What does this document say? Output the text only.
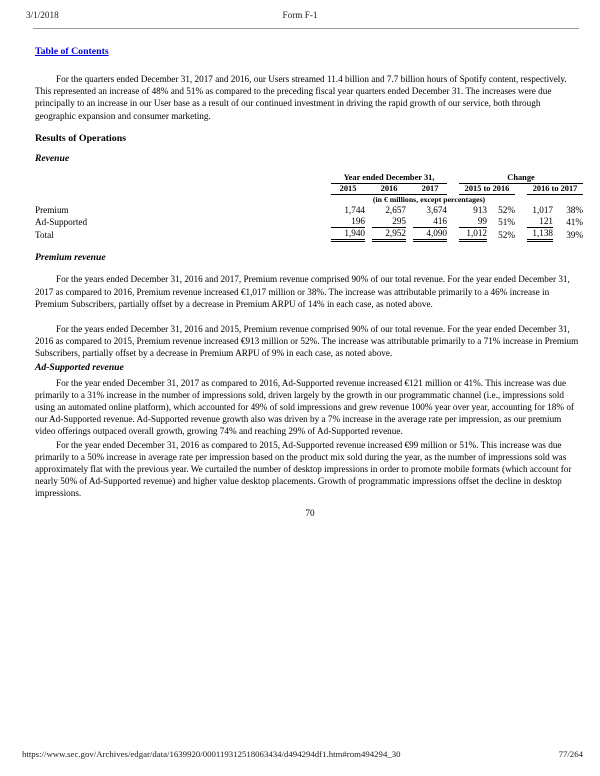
3/1/2018	Form F-1
Table of Contents

For the quarters ended December 31, 2017 and 2016, our Users streamed 11.4 billion and 7.7 billion hours of Spotify content, respectively. This represented an increase of 48% and 51% as compared to the preceding fiscal year quarters ended December 31. The increases were due principally to an increase in our User base as a result of our continued investment in driving the rapid growth of our service, both through geographic expansion and consumer marketing.

Results of Operations
Revenue
	Year ended December 31,						Change						
	2015		2016		2017		2015 to 2016				2016 to 2017		
	(in € millions, except percentages)												
Premium	1,744		2,657		3,674		913		52%		1,017		38%
Ad-Supported	196		295		416		99		51%		121		41%
Total	1,940		2,952		4,090		1,012		52%		1,138		39%
Premium revenue

For the years ended December 31, 2016 and 2017, Premium revenue comprised 90% of our total revenue. For the year ended December 31, 2017 as compared to 2016, Premium revenue increased €1,017 million or 38%. The increase was attributable primarily to a 46% increase in Premium Subscribers, partially offset by a decrease in Premium ARPU of 14% in each case, as noted above.

For the years ended December 31, 2016 and 2015, Premium revenue comprised 90% of our total revenue. For the year ended December 31, 2016 as compared to 2015, Premium revenue increased €913 million or 52%. The increase was attributable primarily to a 71% increase in Premium Subscribers, partially offset by a decrease in Premium ARPU of 9% in each case, as noted above.

Ad-Supported revenue

For the year ended December 31, 2017 as compared to 2016, Ad-Supported revenue increased €121 million or 41%. This increase was due primarily to a 31% increase in the number of impressions sold, driven largely by the growth in our programmatic channel (i.e., impressions sold using an automated online platform), which accounted for 49% of sold impressions and grew revenue 100% year over year, accounting for 18% of our Ad-Supported revenue. Ad-Supported revenue growth also was driven by a 7% increase in the average rate per impression, as our premium video offerings outpaced overall growth, growing 74% and reaching 29% of Ad-Supported revenue.

For the year ended December 31, 2016 as compared to 2015, Ad-Supported revenue increased €99 million or 51%. This increase was due primarily to a 50% increase in average rate per impression based on the product mix sold during the year, as the number of impressions sold was approximately flat with the previous year. We curtailed the number of desktop impressions in order to promote mobile formats (which account for nearly 50% of Ad-Supported revenue) and higher value desktop placements. Growth of programmatic impressions offset the decline in desktop impressions.

70
https://www.sec.gov/Archives/edgar/data/1639920/000119312518063434/d494294df1.htm#rom494294_30	77/264
